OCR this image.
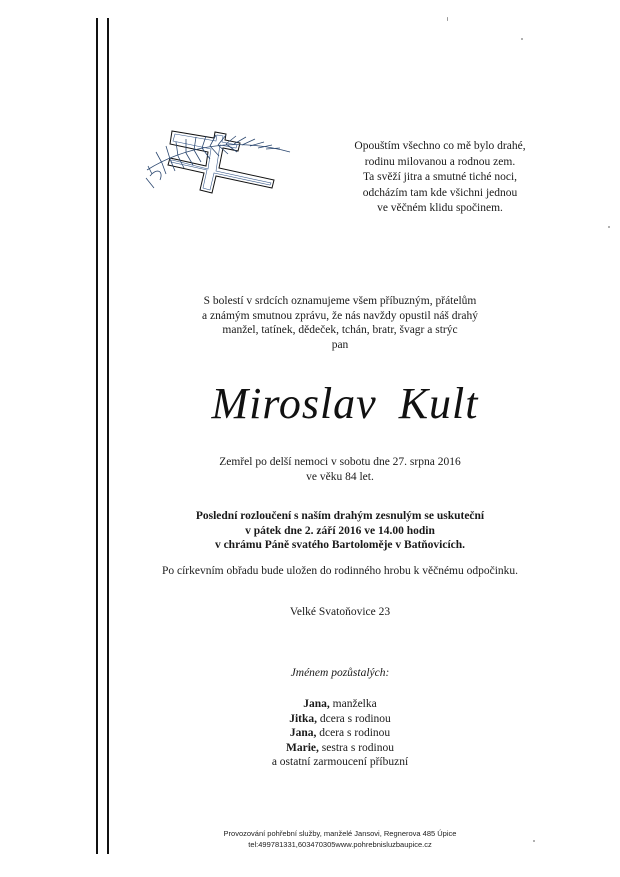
Opouštím všechno co mě bylo drahé,
rodinu milovanou a rodnou zem.
Ta svěží jitra a smutné tiché noci,
odcházím tam kde všichni jednou
ve věčném klidu spočinem.
S bolestí v srdcích oznamujeme všem příbuzným, přátelům
a známým smutnou zprávu, že nás navždy opustil náš drahý
manžel, tatínek, dědeček, tchán, bratr, švagr a strýc
pan
Miroslav Kult
Zemřel po delší nemoci v sobotu dne 27. srpna 2016
ve věku 84 let.
Poslední rozloučení s naším drahým zesnulým se uskuteční
v pátek dne 2. září 2016 ve 14.00 hodin
v chrámu Páně svatého Bartoloměje v Batňovicích.
Po církevním obřadu bude uložen do rodinného hrobu k věčnému odpočinku.
Velké Svatoňovice 23
Jménem pozůstalých:
Jana, manželka
Jitka, dcera s rodinou
Jana, dcera s rodinou
Marie, sestra s rodinou
a ostatní zarmoucení příbuzní
Provozování pohřební služby, manželé Jansovi, Regnerova 485 Úpice
tel:499781331,603470305www.pohrebnisluzbaupice.cz
